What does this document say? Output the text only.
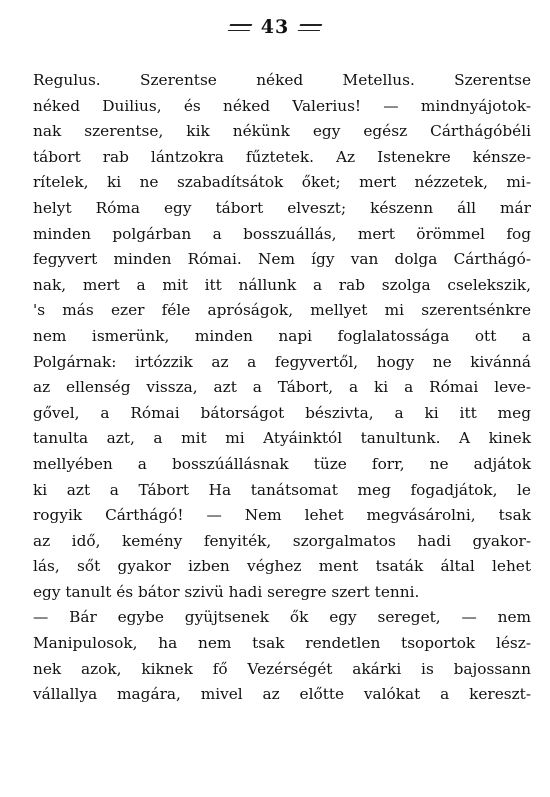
43
Regulus. Szerentse néked Metellus. Szerentse
néked Duilius, és néked Valerius! — mindnyájotok-
nak szerentse, kik nékünk egy egész Cárthágóbéli
tábort rab lántzokra fűztetek. Az Istenekre kénsze-
rítelek, ki ne szabadítsátok őket; mert nézzetek, mi-
helyt Róma egy tábort elveszt; készenn áll már
minden polgárban a bosszuállás, mert örömmel fog
fegyvert minden Római. Nem így van dolga Cárthágó-
nak, mert a mit itt nállunk a rab szolga cselekszik,
's más ezer féle apróságok, mellyet mi szerentsénkre
nem ismerünk, minden napi foglalatossága ott a
Polgárnak: irtózzik az a fegyvertől, hogy ne kivánná
az ellenség vissza, azt a Tábort, a ki a Római leve-
gővel, a Római bátorságot bészivta, a ki itt meg
tanulta azt, a mit mi Atyáinktól tanultunk. A kinek
mellyében a bosszúállásnak tüze forr, ne adjátok
ki azt a Tábort Ha tanátsomat meg fogadjátok, le
rogyik Cárthágó! — Nem lehet megvásárolni, tsak
az idő, kemény fenyiték, szorgalmatos hadi gyakor-
lás, sőt gyakor izben véghez ment tsaták által lehet
egy tanult és bátor szivü hadi seregre szert tenni.
— Bár egybe gyüjtsenek ők egy sereget, — nem
Manipulosok, ha nem tsak rendetlen tsoportok lész-
nek azok, kiknek fő Vezérségét akárki is bajossann
vállallya magára, mivel az előtte valókat a kereszt-
